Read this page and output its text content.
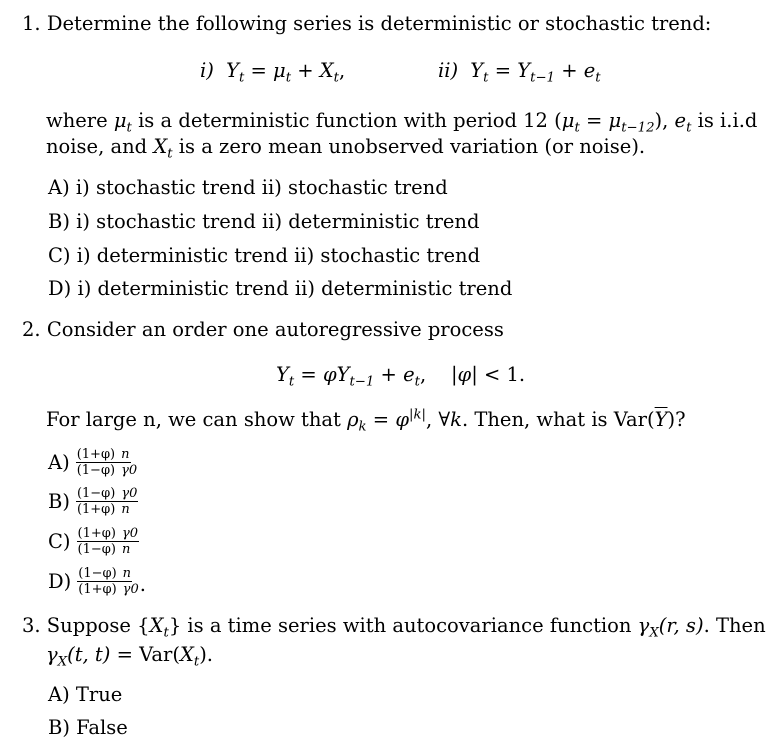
1. Determine the following series is deterministic or stochastic trend:
i) $Y_t = \mu_t + X_t$,	ii) $Y_t = Y_{t-1} + e_t$
where $\mu_t$ is a deterministic function with period 12 $(\mu_t = \mu_{t-12})$, $e_t$ is i.i.d
noise, and $X_t$ is a zero mean unobserved variation (or noise).
A) i) stochastic trend ii) stochastic trend
B) i) stochastic trend ii) deterministic trend
C) i) deterministic trend ii) stochastic trend
D) i) deterministic trend ii) deterministic trend
2. Consider an order one autoregressive process
$Y_t = \varphi Y_{t-1} + e_t$,    |φ| < 1.
For large n, we can show that $\rho_k = \varphi^{|k|}$, ∀k. Then, what is $Var(\overline{Y})$?
$A) \frac{(1+\varphi) n}{(1-\varphi) \gamma 0}$
$B) \frac{(1-\varphi) \gamma 0}{(1+\varphi) n}$
$C) \frac{(1+\varphi) \gamma 0}{(1-\varphi) n}$
$D) \frac{(1-\varphi) n}{(1+\varphi) \gamma 0}$ .
3. Suppose $\{X_t\}$ is a time series with autocovariance function $\gamma_X(r$, s). Then
$\gamma_X(t$, $t) = Var(X_t)$.
A) True
B) False
